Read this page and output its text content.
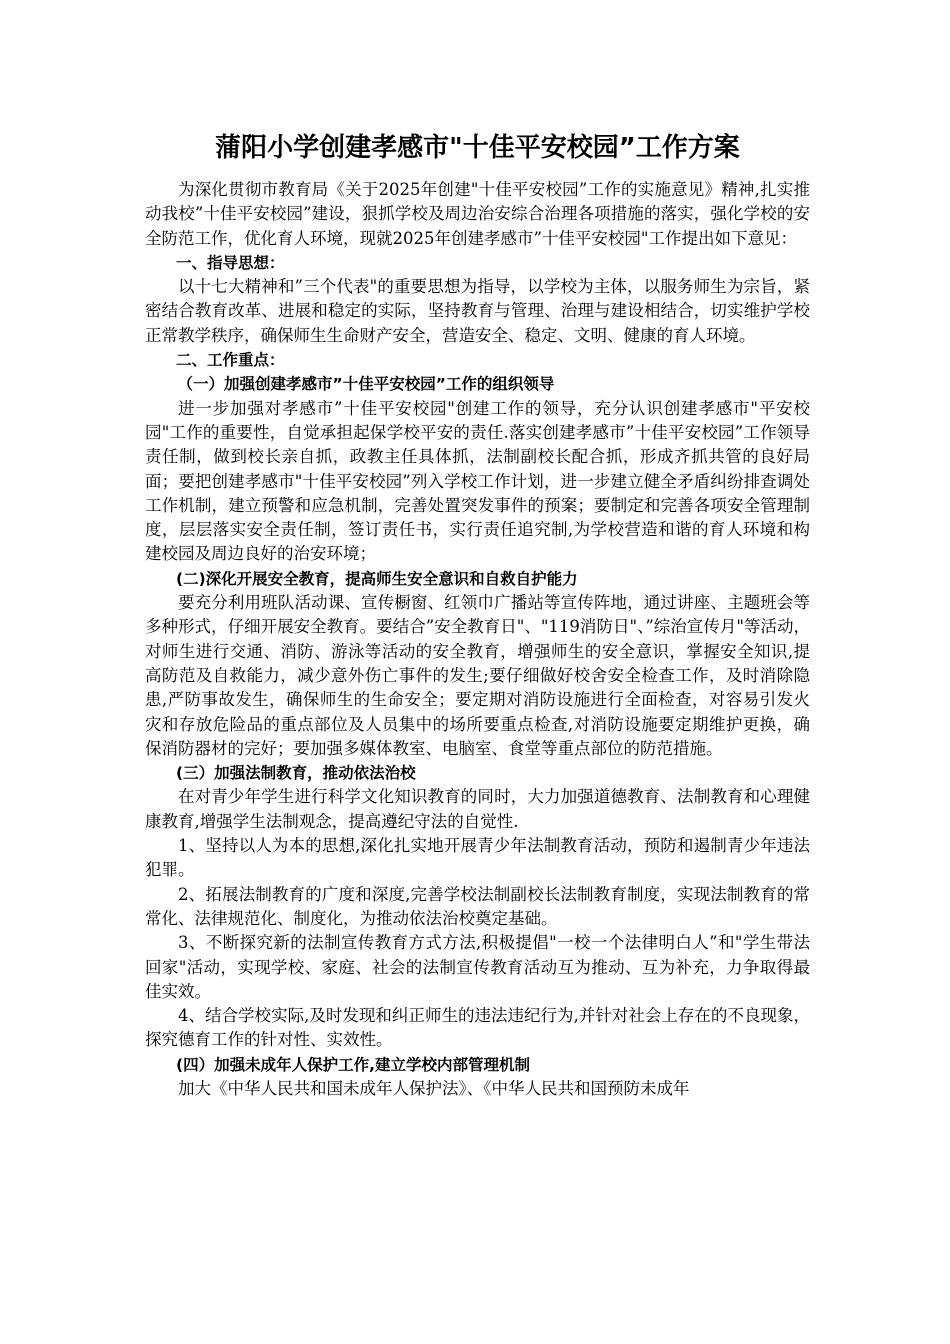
蒲阳小学创建孝感市"十佳平安校园”工作方案

为深化贯彻市教育局《关于2025年创建"十佳平安校园”工作的实施意见》精神,扎实推动我校”十佳平安校园”建设，狠抓学校及周边治安综合治理各项措施的落实，强化学校的安全防范工作，优化育人环境，现就2025年创建孝感市”十佳平安校园"工作提出如下意见：

一、指导思想：

以十七大精神和”三个代表"的重要思想为指导，以学校为主体，以服务师生为宗旨，紧密结合教育改革、进展和稳定的实际，坚持教育与管理、治理与建设相结合，切实维护学校正常教学秩序，确保师生生命财产安全，营造安全、稳定、文明、健康的育人环境。

二、工作重点：

（一）加强创建孝感市”十佳平安校园”工作的组织领导

进一步加强对孝感市”十佳平安校园"创建工作的领导，充分认识创建孝感市"平安校园"工作的重要性，自觉承担起保学校平安的责任.落实创建孝感市”十佳平安校园”工作领导责任制，做到校长亲自抓，政教主任具体抓，法制副校长配合抓，形成齐抓共管的良好局面；要把创建孝感市"十佳平安校园”列入学校工作计划，进一步建立健全矛盾纠纷排查调处工作机制，建立预警和应急机制，完善处置突发事件的预案；要制定和完善各项安全管理制度，层层落实安全责任制，签订责任书，实行责任追究制,为学校营造和谐的育人环境和构建校园及周边良好的治安环境；

(二)深化开展安全教育，提高师生安全意识和自救自护能力

要充分利用班队活动课、宣传橱窗、红领巾广播站等宣传阵地，通过讲座、主题班会等多种形式，仔细开展安全教育。要结合”安全教育日"、"119消防日"、”综治宣传月"等活动，对师生进行交通、消防、游泳等活动的安全教育，增强师生的安全意识，掌握安全知识,提高防范及自救能力，减少意外伤亡事件的发生;要仔细做好校舍安全检查工作，及时消除隐患,严防事故发生，确保师生的生命安全；要定期对消防设施进行全面检查，对容易引发火灾和存放危险品的重点部位及人员集中的场所要重点检查,对消防设施要定期维护更换，确保消防器材的完好；要加强多媒体教室、电脑室、食堂等重点部位的防范措施。

(三）加强法制教育，推动依法治校

在对青少年学生进行科学文化知识教育的同时，大力加强道德教育、法制教育和心理健康教育,增强学生法制观念，提高遵纪守法的自觉性.

1、坚持以人为本的思想,深化扎实地开展青少年法制教育活动，预防和遏制青少年违法犯罪。

2、拓展法制教育的广度和深度,完善学校法制副校长法制教育制度，实现法制教育的常常化、法律规范化、制度化，为推动依法治校奠定基础。

3、不断探究新的法制宣传教育方式方法,积极提倡"一校一个法律明白人”和"学生带法回家"活动，实现学校、家庭、社会的法制宣传教育活动互为推动、互为补充，力争取得最佳实效。

4、结合学校实际,及时发现和纠正师生的违法违纪行为,并针对社会上存在的不良现象，探究德育工作的针对性、实效性。

(四）加强未成年人保护工作,建立学校内部管理机制

加大《中华人民共和国未成年人保护法》、《中华人民共和国预防未成年
